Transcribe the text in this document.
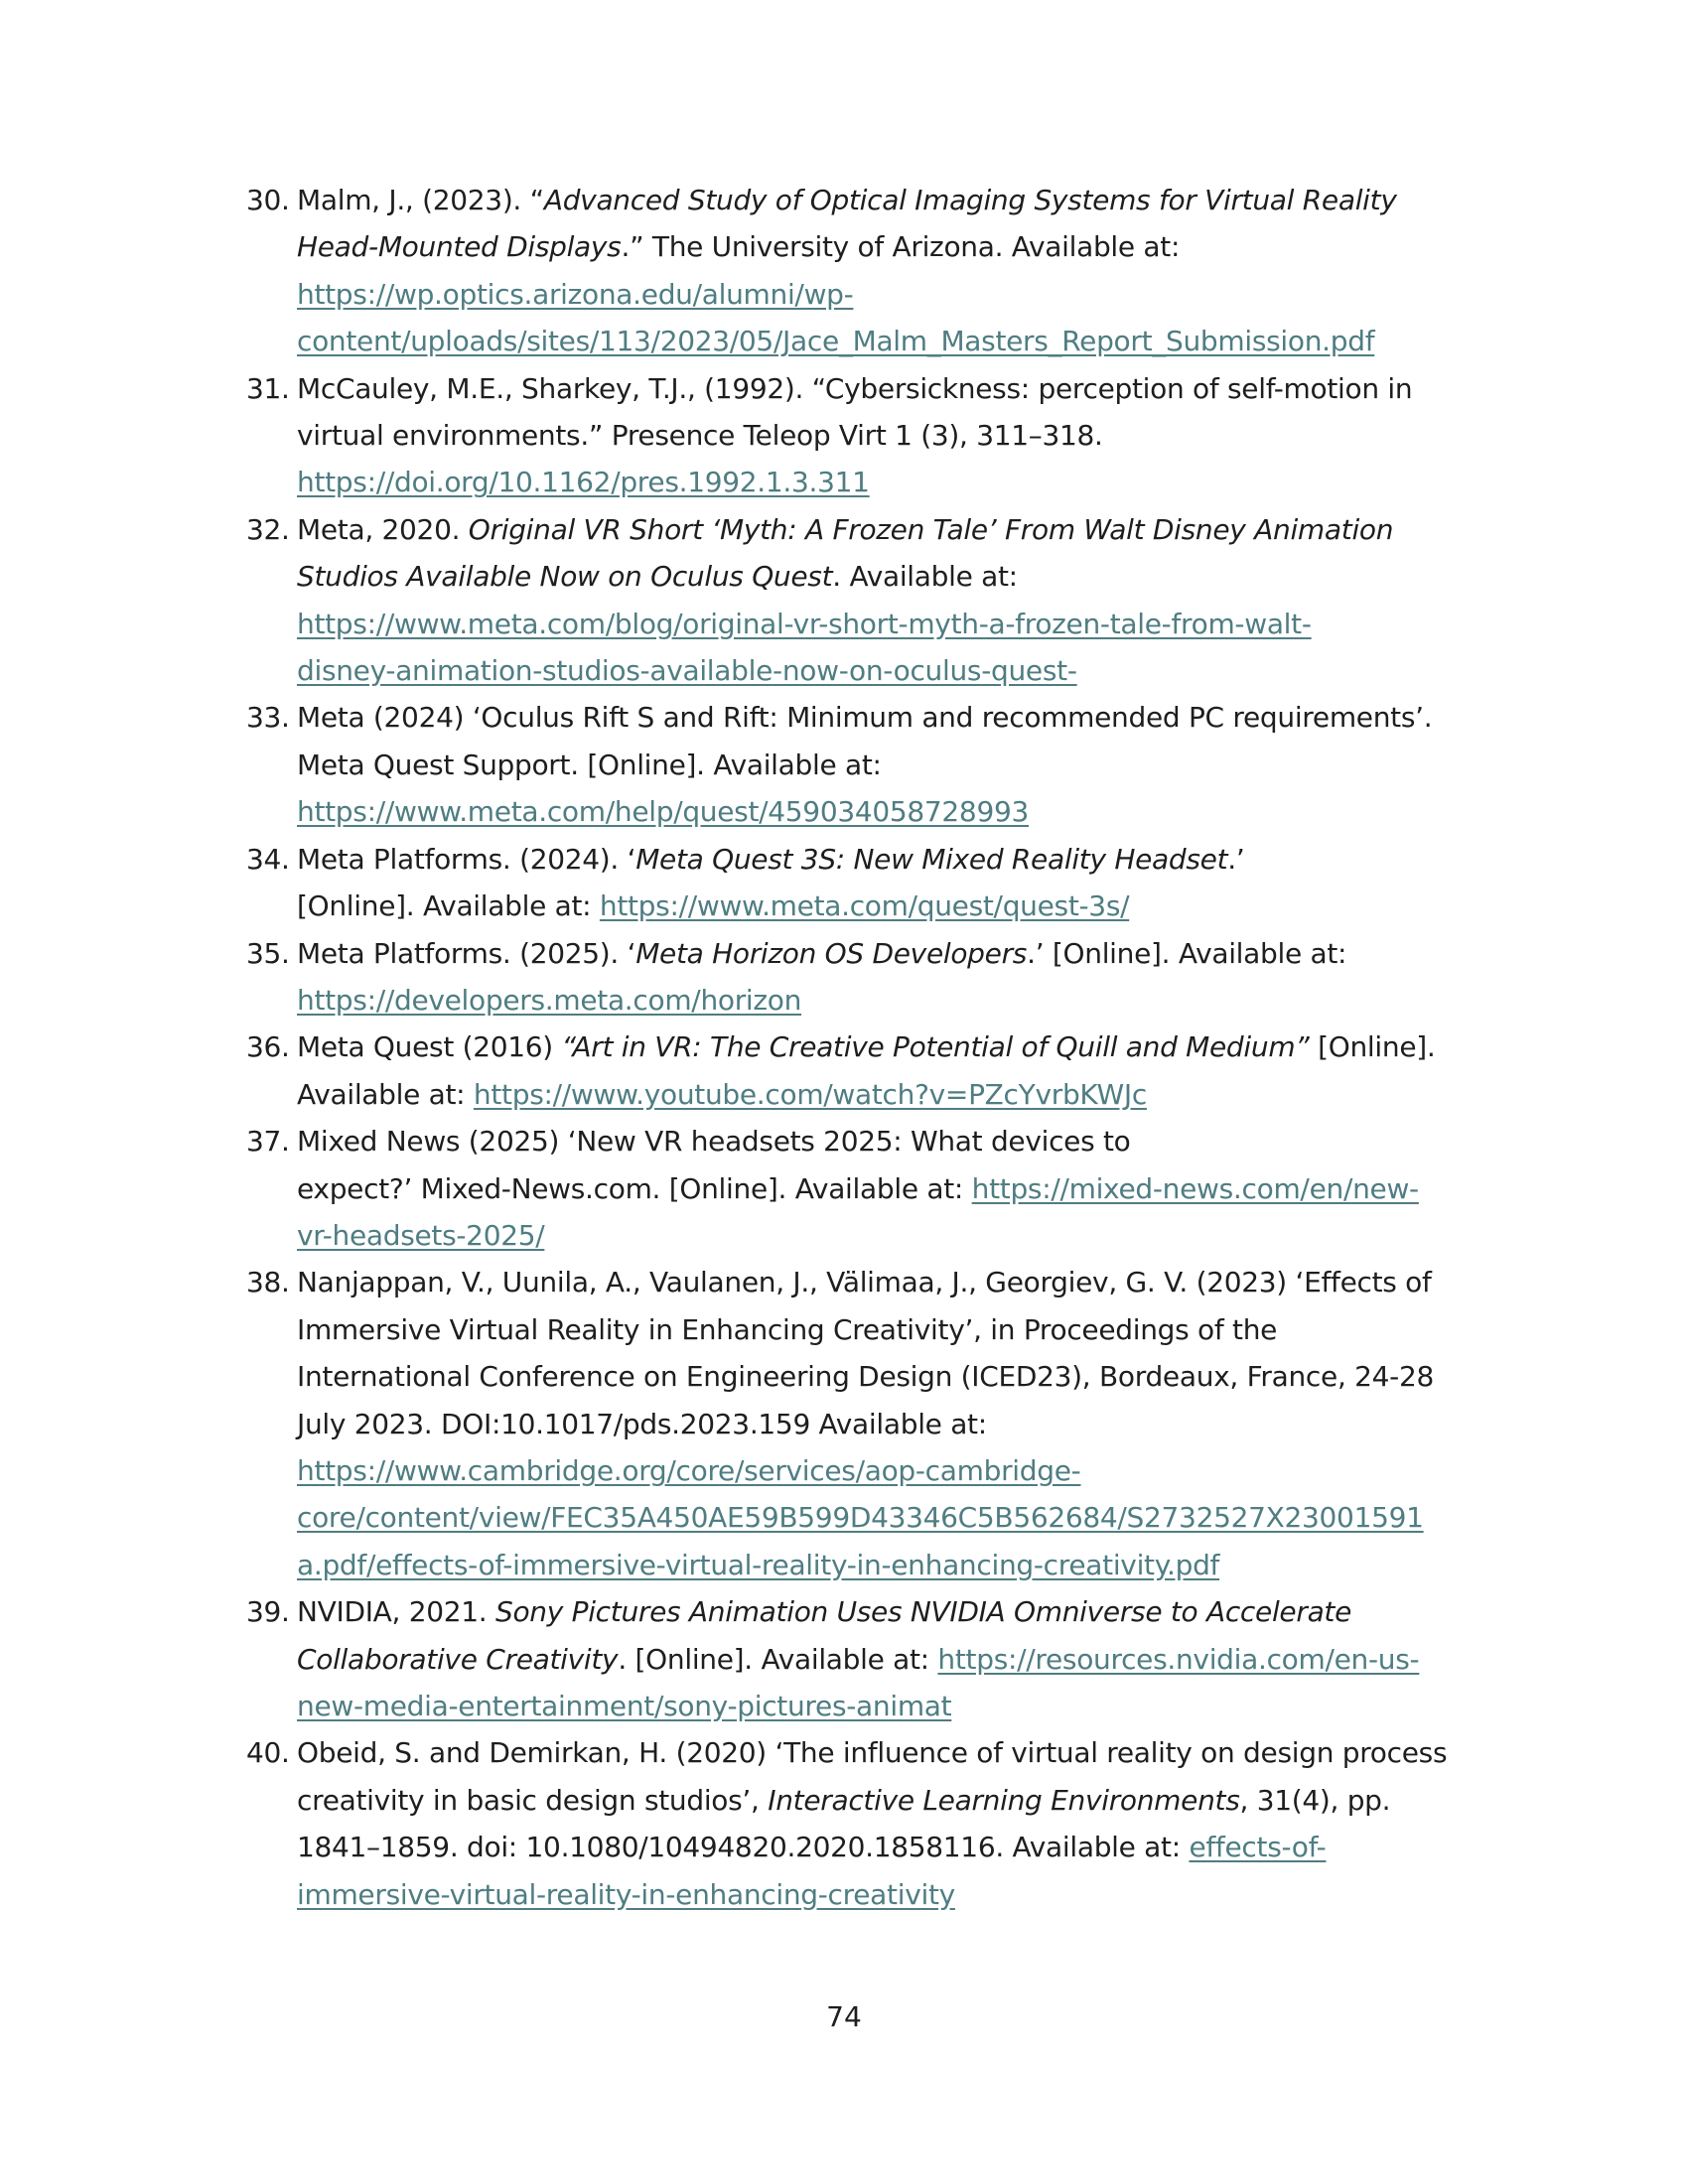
30. Malm, J., (2023). “Advanced Study of Optical Imaging Systems for Virtual Reality
Head-Mounted Displays.” The University of Arizona. Available at:
https://wp.optics.arizona.edu/alumni/wp-
content/uploads/sites/113/2023/05/Jace_Malm_Masters_Report_Submission.pdf
31. McCauley, M.E., Sharkey, T.J., (1992). “Cybersickness: perception of self-motion in
virtual environments.” Presence Teleop Virt 1 (3), 311–318.
https://doi.org/10.1162/pres.1992.1.3.311
32. Meta, 2020. Original VR Short ‘Myth: A Frozen Tale’ From Walt Disney Animation
Studios Available Now on Oculus Quest. Available at:
https://www.meta.com/blog/original-vr-short-myth-a-frozen-tale-from-walt-
disney-animation-studios-available-now-on-oculus-quest-
33. Meta (2024) ‘Oculus Rift S and Rift: Minimum and recommended PC requirements’.
Meta Quest Support. [Online]. Available at:
https://www.meta.com/help/quest/459034058728993
34. Meta Platforms. (2024). ‘Meta Quest 3S: New Mixed Reality Headset.’
[Online]. Available at: https://www.meta.com/quest/quest-3s/
35. Meta Platforms. (2025). ‘Meta Horizon OS Developers.’ [Online]. Available at:
https://developers.meta.com/horizon
36. Meta Quest (2016) “Art in VR: The Creative Potential of Quill and Medium” [Online].
Available at: https://www.youtube.com/watch?v=PZcYvrbKWJc
37. Mixed News (2025) ‘New VR headsets 2025: What devices to
expect?’ Mixed-News.com. [Online]. Available at: https://mixed-news.com/en/new-
vr-headsets-2025/
38. Nanjappan, V., Uunila, A., Vaulanen, J., Välimaa, J., Georgiev, G. V. (2023) ‘Effects of
Immersive Virtual Reality in Enhancing Creativity’, in Proceedings of the
International Conference on Engineering Design (ICED23), Bordeaux, France, 24-28
July 2023. DOI:10.1017/pds.2023.159 Available at:
https://www.cambridge.org/core/services/aop-cambridge-
core/content/view/FEC35A450AE59B599D43346C5B562684/S2732527X23001591
a.pdf/effects-of-immersive-virtual-reality-in-enhancing-creativity.pdf
39. NVIDIA, 2021. Sony Pictures Animation Uses NVIDIA Omniverse to Accelerate
Collaborative Creativity. [Online]. Available at: https://resources.nvidia.com/en-us-
new-media-entertainment/sony-pictures-animat
40. Obeid, S. and Demirkan, H. (2020) ‘The influence of virtual reality on design process
creativity in basic design studios’, Interactive Learning Environments, 31(4), pp.
1841–1859. doi: 10.1080/10494820.2020.1858116. Available at: effects-of-
immersive-virtual-reality-in-enhancing-creativity
74
